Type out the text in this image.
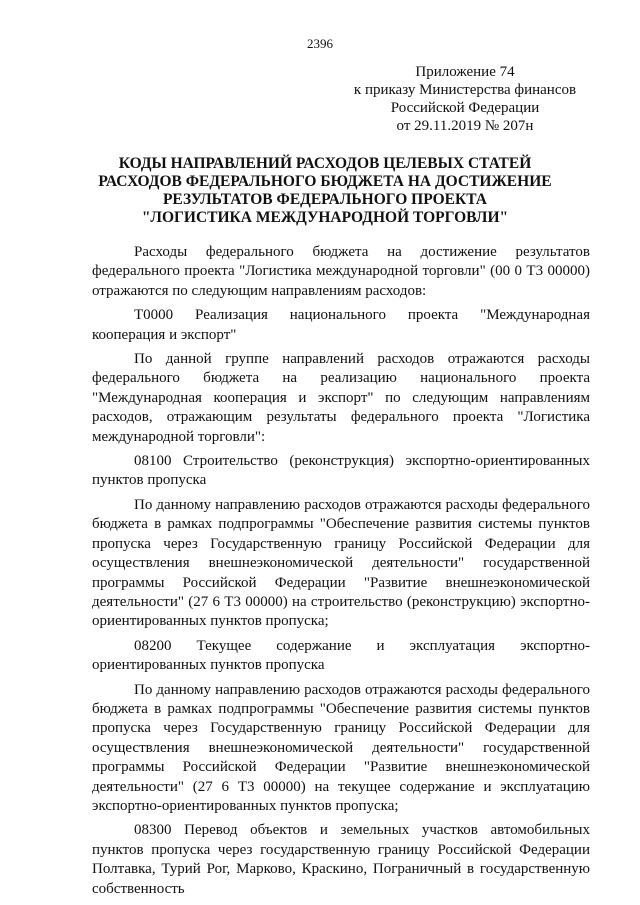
2396
Приложение 74
к приказу Министерства финансов
Российской Федерации
от 29.11.2019 № 207н
КОДЫ НАПРАВЛЕНИЙ РАСХОДОВ ЦЕЛЕВЫХ СТАТЕЙ
РАСХОДОВ ФЕДЕРАЛЬНОГО БЮДЖЕТА НА ДОСТИЖЕНИЕ
РЕЗУЛЬТАТОВ ФЕДЕРАЛЬНОГО ПРОЕКТА
"ЛОГИСТИКА МЕЖДУНАРОДНОЙ ТОРГОВЛИ"

Расходы федерального бюджета на достижение результатов федерального проекта "Логистика международной торговли" (00 0 Т3 00000) отражаются по следующим направлениям расходов:

Т0000 Реализация национального проекта "Международная кооперация и экспорт"

По данной группе направлений расходов отражаются расходы федерального бюджета на реализацию национального проекта "Международная кооперация и экспорт" по следующим направлениям расходов, отражающим результаты федерального проекта "Логистика международной торговли":

08100 Строительство (реконструкция) экспортно-ориентированных пунктов пропуска

По данному направлению расходов отражаются расходы федерального бюджета в рамках подпрограммы "Обеспечение развития системы пунктов пропуска через Государственную границу Российской Федерации для осуществления внешнеэкономической деятельности" государственной программы Российской Федерации "Развитие внешнеэкономической деятельности" (27 6 Т3 00000) на строительство (реконструкцию) экспортно-ориентированных пунктов пропуска;

08200 Текущее содержание и эксплуатация экспортно-ориентированных пунктов пропуска

По данному направлению расходов отражаются расходы федерального бюджета в рамках подпрограммы "Обеспечение развития системы пунктов пропуска через Государственную границу Российской Федерации для осуществления внешнеэкономической деятельности" государственной программы Российской Федерации "Развитие внешнеэкономической деятельности" (27 6 Т3 00000) на текущее содержание и эксплуатацию экспортно-ориентированных пунктов пропуска;

08300 Перевод объектов и земельных участков автомобильных пунктов пропуска через государственную границу Российской Федерации Полтавка, Турий Рог, Марково, Краскино, Пограничный в государственную собственность
